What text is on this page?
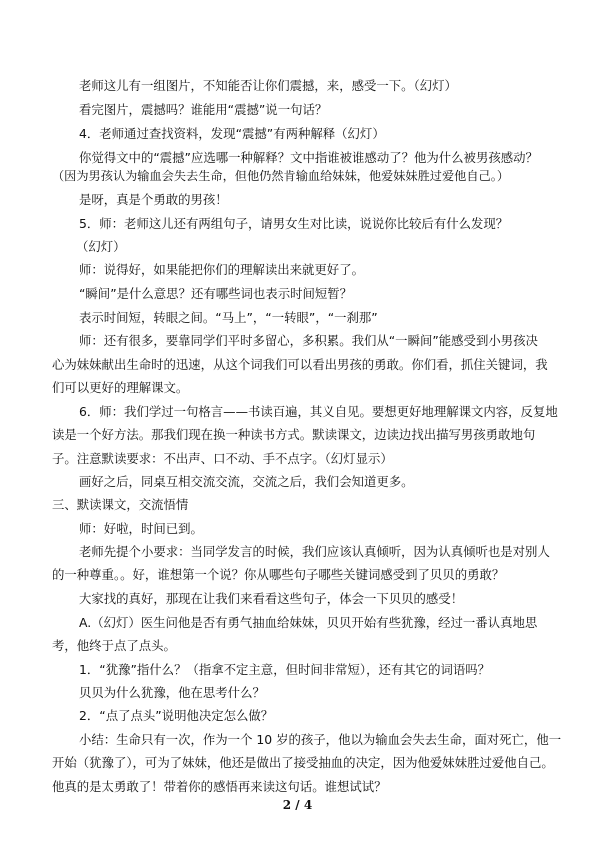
老师这儿有一组图片，不知能否让你们震撼，来，感受一下。（幻灯）
看完图片，震撼吗？谁能用“震撼”说一句话？
4．老师通过查找资料，发现“震撼”有两种解释（幻灯）
你觉得文中的“震撼”应选哪一种解释？文中指谁被谁感动了？他为什么被男孩感动？
（因为男孩认为输血会失去生命，但他仍然肯输血给妹妹，他爱妹妹胜过爱他自己。）
是呀，真是个勇敢的男孩！
5．师：老师这儿还有两组句子，请男女生对比读，说说你比较后有什么发现？
（幻灯）
师：说得好，如果能把你们的理解读出来就更好了。
“瞬间”是什么意思？还有哪些词也表示时间短暂？
表示时间短，转眼之间。“马上”，“一转眼”，“一刹那”
师：还有很多，要靠同学们平时多留心，多积累。我们从“一瞬间”能感受到小男孩决
心为妹妹献出生命时的迅速，从这个词我们可以看出男孩的勇敢。你们看，抓住关键词，我
们可以更好的理解课文。
6．师：我们学过一句格言——书读百遍，其义自见。要想更好地理解课文内容，反复地
读是一个好方法。那我们现在换一种读书方式。默读课文，边读边找出描写男孩勇敢地句
子。注意默读要求：不出声、口不动、手不点字。（幻灯显示）
画好之后，同桌互相交流交流，交流之后，我们会知道更多。
三、默读课文，交流悟情
师：好啦，时间已到。
老师先提个小要求：当同学发言的时候，我们应该认真倾听，因为认真倾听也是对别人
的一种尊重。。好，谁想第一个说？你从哪些句子哪些关键词感受到了贝贝的勇敢？
大家找的真好，那现在让我们来看看这些句子，体会一下贝贝的感受！
A.（幻灯）医生问他是否有勇气抽血给妹妹，贝贝开始有些犹豫，经过一番认真地思
考，他终于点了点头。
1．“犹豫”指什么？（指拿不定主意，但时间非常短），还有其它的词语吗？
贝贝为什么犹豫，他在思考什么？
2．“点了点头”说明他决定怎么做？
小结：生命只有一次，作为一个 10 岁的孩子，他以为输血会失去生命，面对死亡，他一
开始（犹豫了），可为了妹妹，他还是做出了接受抽血的决定，因为他爱妹妹胜过爱他自己。
他真的是太勇敢了！带着你的感悟再来读这句话。谁想试试？
2 / 4
